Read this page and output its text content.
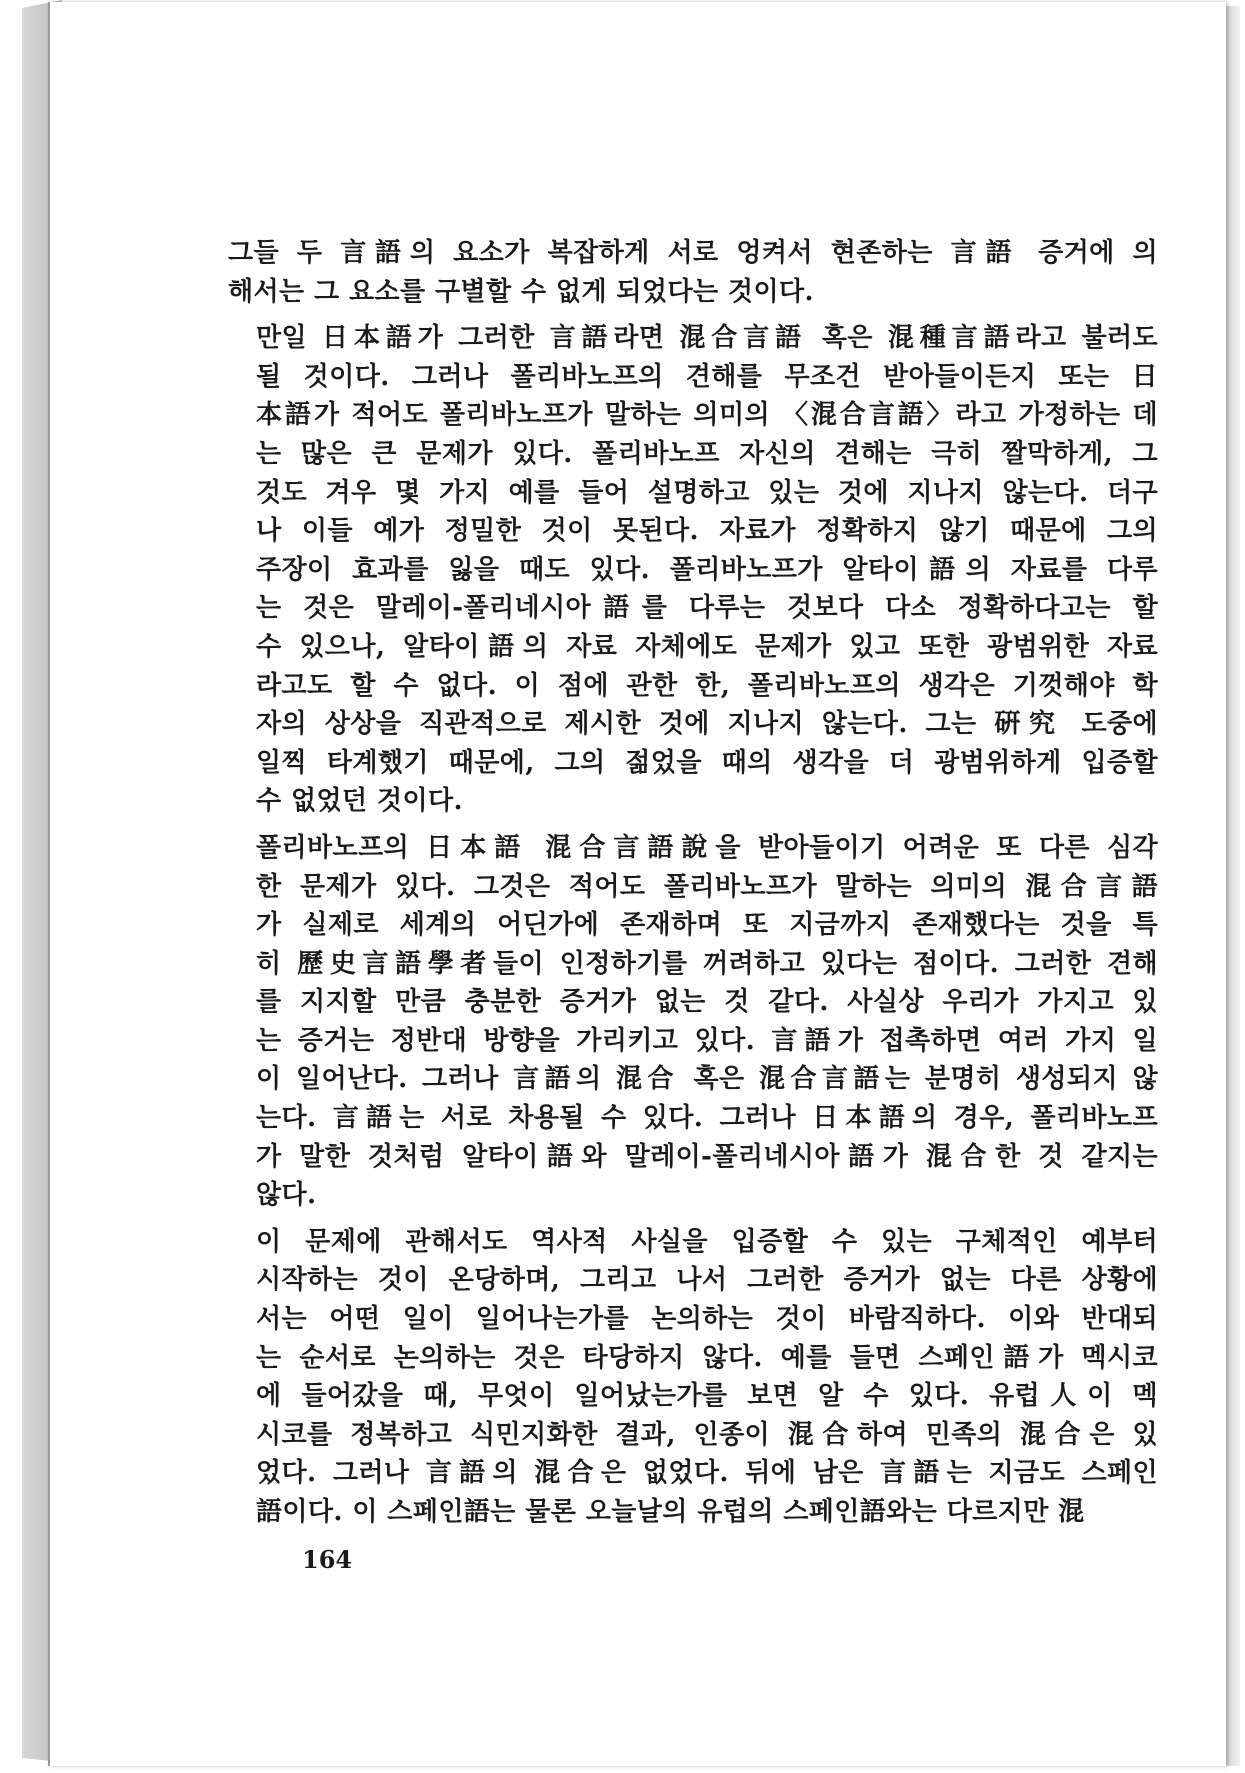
그들 두 言語의 요소가 복잡하게 서로 엉켜서 현존하는 言語 증거에 의
해서는 그 요소를 구별할 수 없게 되었다는 것이다.
만일 日本語가 그러한 言語라면 混合言語 혹은 混種言語라고 불러도
될 것이다. 그러나 폴리바노프의 견해를 무조건 받아들이든지 또는 日
本語가 적어도 폴리바노프가 말하는 의미의 〈混合言語〉라고 가정하는 데
는 많은 큰 문제가 있다. 폴리바노프 자신의 견해는 극히 짤막하게, 그
것도 겨우 몇 가지 예를 들어 설명하고 있는 것에 지나지 않는다. 더구
나 이들 예가 정밀한 것이 못된다. 자료가 정확하지 않기 때문에 그의
주장이 효과를 잃을 때도 있다. 폴리바노프가 알타이語의 자료를 다루
는 것은 말레이-폴리네시아語를 다루는 것보다 다소 정확하다고는 할
수 있으나, 알타이語의 자료 자체에도 문제가 있고 또한 광범위한 자료
라고도 할 수 없다. 이 점에 관한 한, 폴리바노프의 생각은 기껏해야 학
자의 상상을 직관적으로 제시한 것에 지나지 않는다. 그는 硏究 도중에
일찍 타계했기 때문에, 그의 젊었을 때의 생각을 더 광범위하게 입증할
수 없었던 것이다.
폴리바노프의 日本語 混合言語說을 받아들이기 어려운 또 다른 심각
한 문제가 있다. 그것은 적어도 폴리바노프가 말하는 의미의 混合言語
가 실제로 세계의 어딘가에 존재하며 또 지금까지 존재했다는 것을 특
히 歷史言語學者들이 인정하기를 꺼려하고 있다는 점이다. 그러한 견해
를 지지할 만큼 충분한 증거가 없는 것 같다. 사실상 우리가 가지고 있
는 증거는 정반대 방향을 가리키고 있다. 言語가 접촉하면 여러 가지 일
이 일어난다. 그러나 言語의 混合 혹은 混合言語는 분명히 생성되지 않
는다. 言語는 서로 차용될 수 있다. 그러나 日本語의 경우, 폴리바노프
가 말한 것처럼 알타이語와 말레이-폴리네시아語가 混合한 것 같지는
않다.
이 문제에 관해서도 역사적 사실을 입증할 수 있는 구체적인 예부터
시작하는 것이 온당하며, 그리고 나서 그러한 증거가 없는 다른 상황에
서는 어떤 일이 일어나는가를 논의하는 것이 바람직하다. 이와 반대되
는 순서로 논의하는 것은 타당하지 않다. 예를 들면 스페인語가 멕시코
에 들어갔을 때, 무엇이 일어났는가를 보면 알 수 있다. 유럽人이 멕
시코를 정복하고 식민지화한 결과, 인종이 混合하여 민족의 混合은 있
었다. 그러나 言語의 混合은 없었다. 뒤에 남은 言語는 지금도 스페인
語이다. 이 스페인語는 물론 오늘날의 유럽의 스페인語와는 다르지만 混
164
